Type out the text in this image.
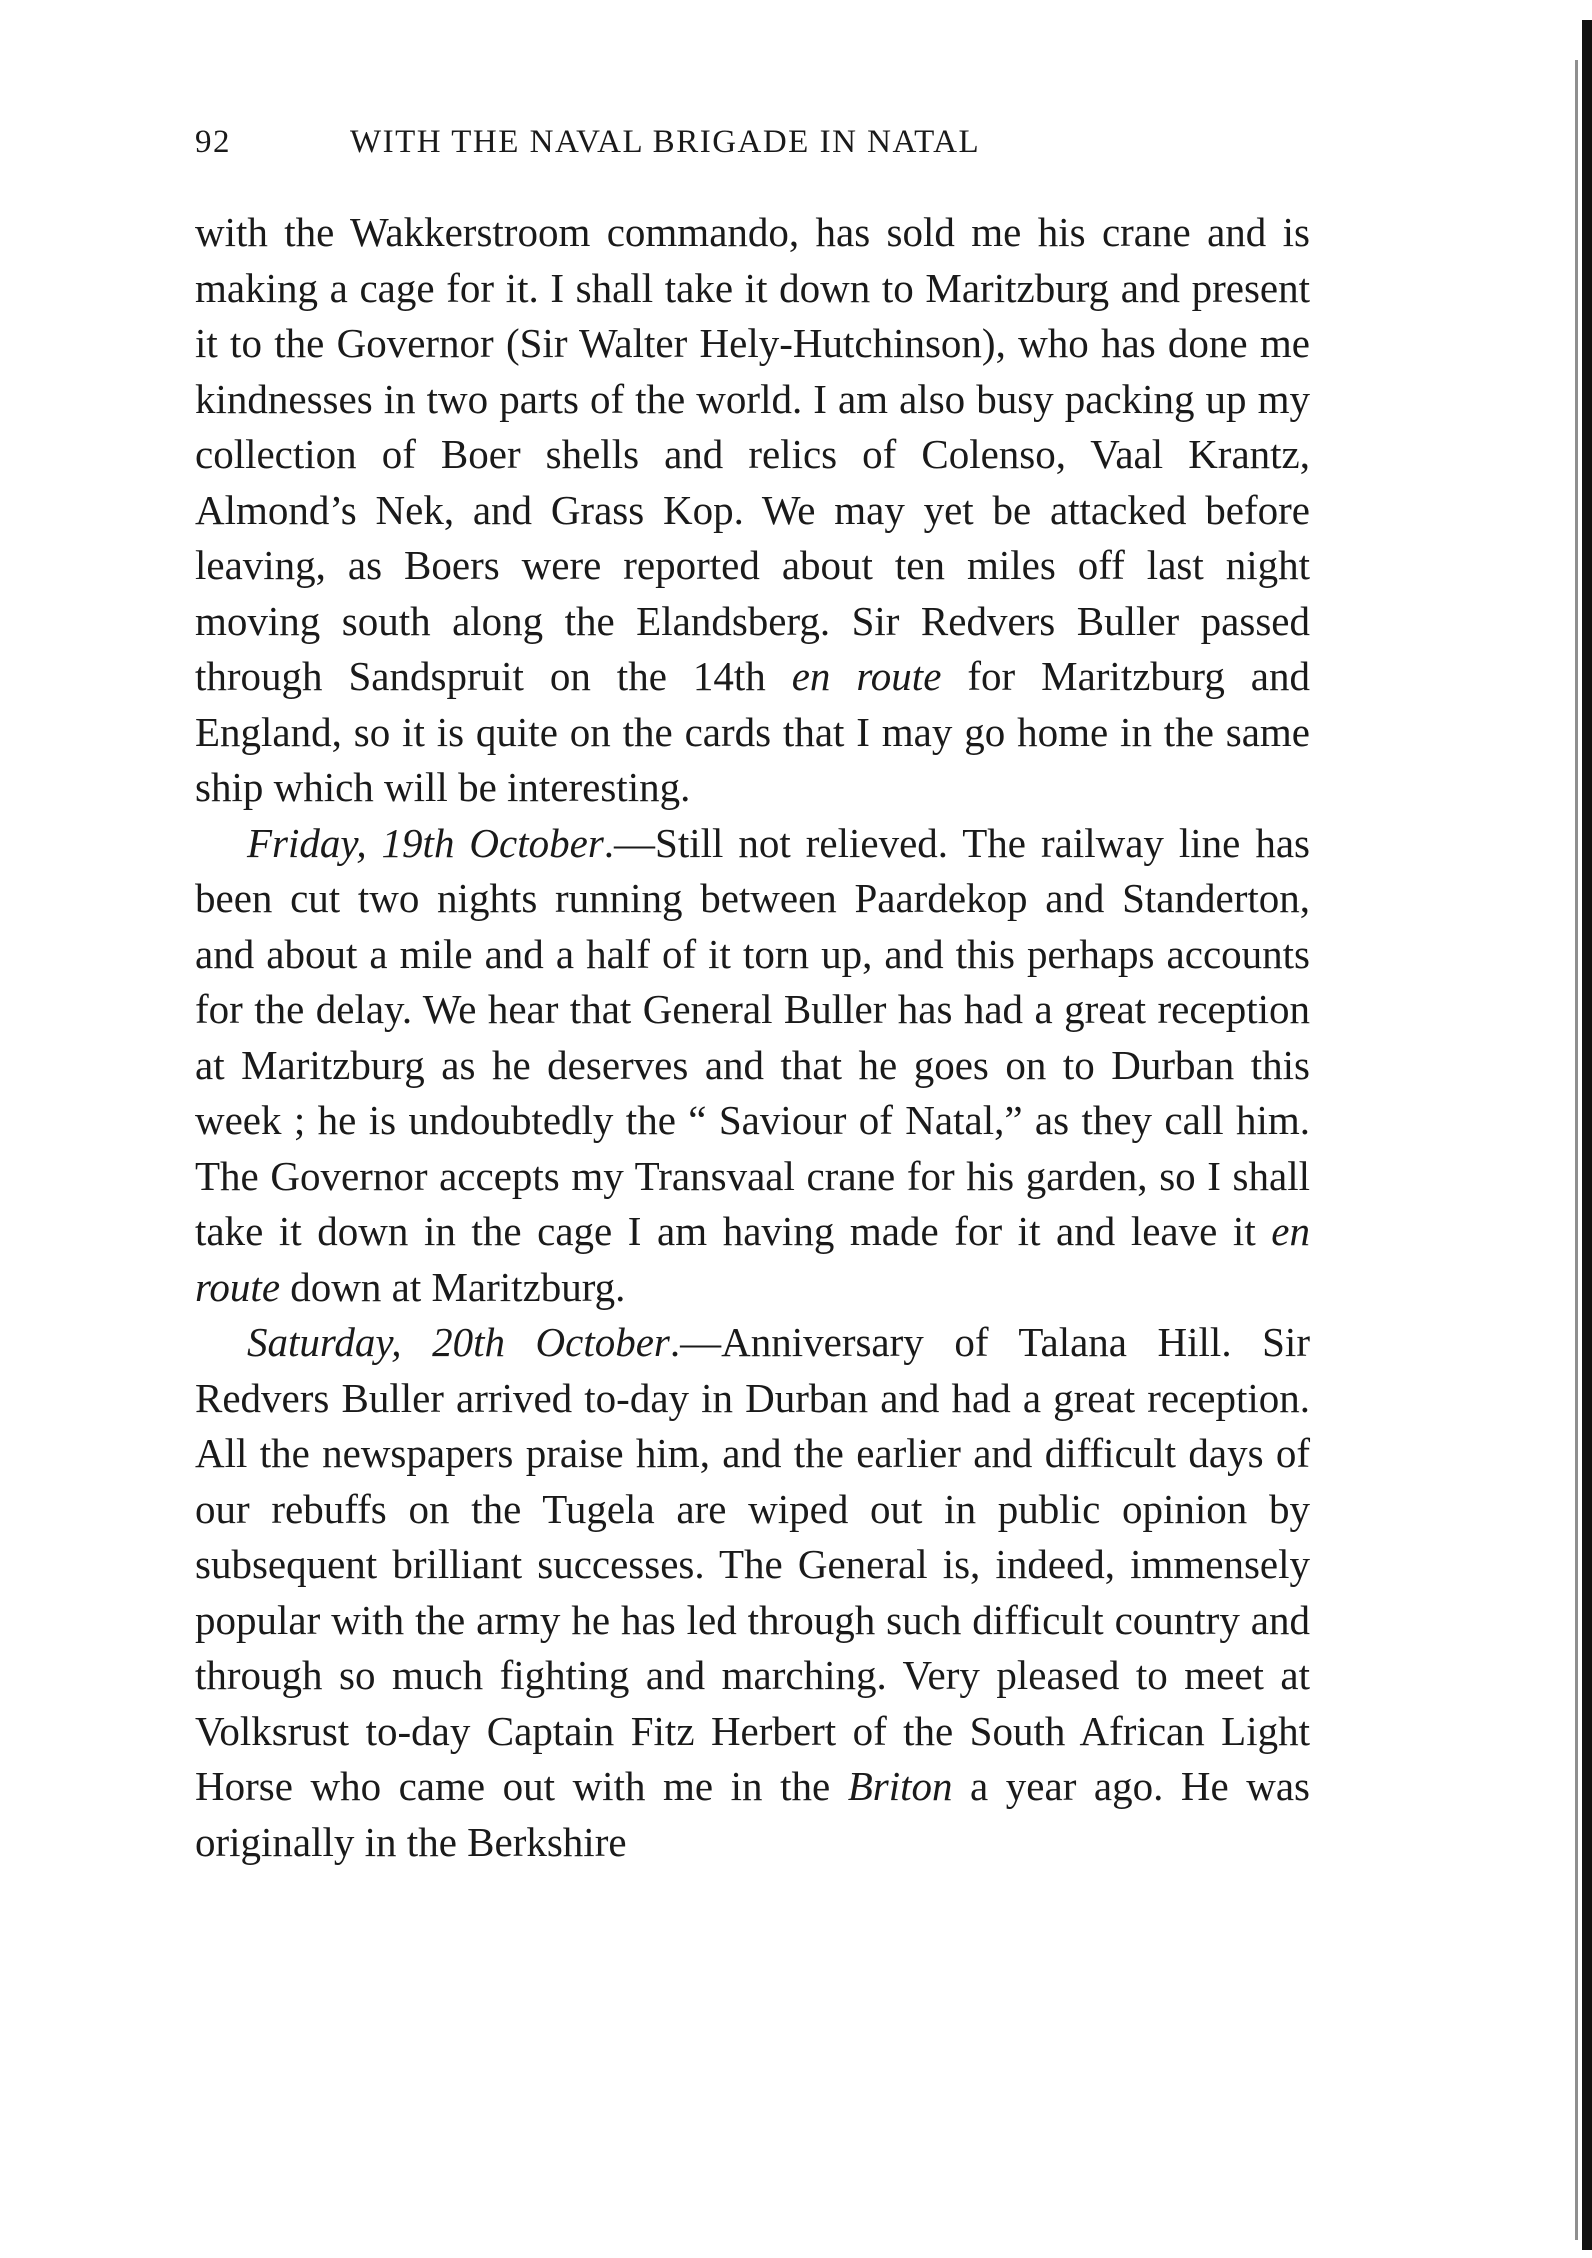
92	WITH THE NAVAL BRIGADE IN NATAL

with the Wakkerstroom commando, has sold me his crane and is making a cage for it. I shall take it down to Maritzburg and present it to the Governor (Sir Walter Hely-Hutchinson), who has done me kindnesses in two parts of the world. I am also busy packing up my collection of Boer shells and relics of Colenso, Vaal Krantz, Almond’s Nek, and Grass Kop. We may yet be attacked before leaving, as Boers were reported about ten miles off last night moving south along the Elandsberg. Sir Redvers Buller passed through Sandspruit on the 14th en route for Maritzburg and England, so it is quite on the cards that I may go home in the same ship which will be interesting.

Friday, 19th October.—Still not relieved. The railway line has been cut two nights running between Paardekop and Standerton, and about a mile and a half of it torn up, and this perhaps accounts for the delay. We hear that General Buller has had a great reception at Maritzburg as he deserves and that he goes on to Durban this week ; he is undoubtedly the “ Saviour of Natal,” as they call him. The Governor accepts my Transvaal crane for his garden, so I shall take it down in the cage I am having made for it and leave it en route down at Maritzburg.

Saturday, 20th October.—Anniversary of Talana Hill. Sir Redvers Buller arrived to-day in Durban and had a great reception. All the newspapers praise him, and the earlier and difficult days of our rebuffs on the Tugela are wiped out in public opinion by subsequent brilliant successes. The General is, indeed, immensely popular with the army he has led through such difficult country and through so much fighting and marching. Very pleased to meet at Volksrust to-day Captain Fitz Herbert of the South African Light Horse who came out with me in the Briton a year ago. He was originally in the Berkshire
